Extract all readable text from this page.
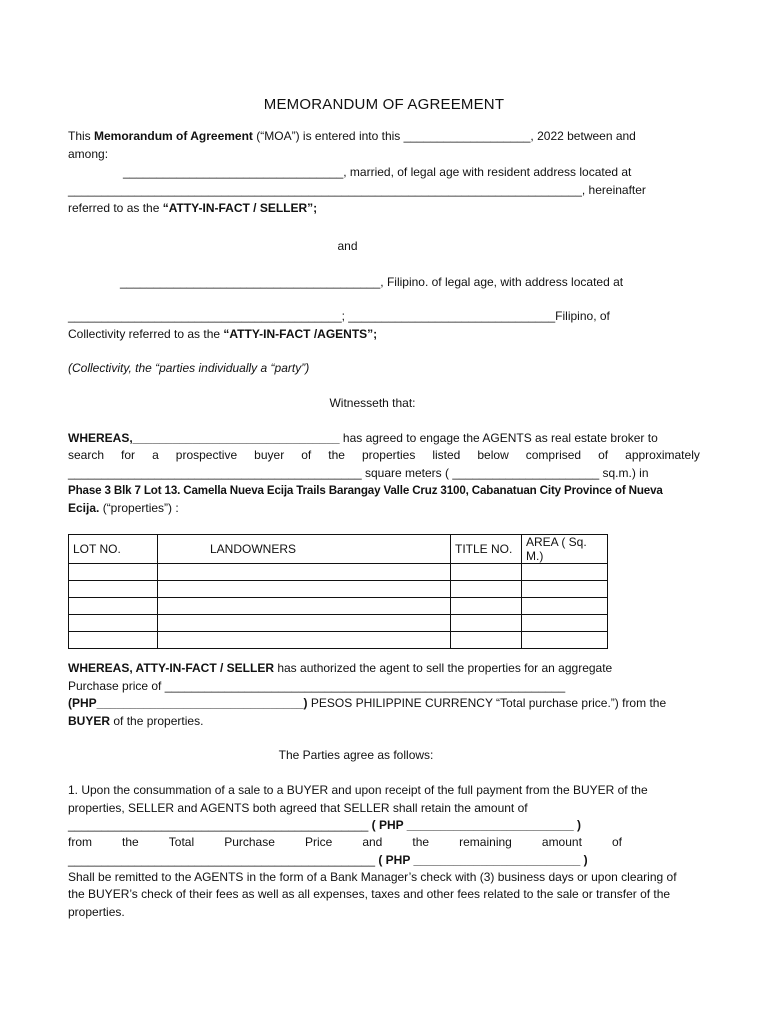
MEMORANDUM OF AGREEMENT
This Memorandum of Agreement (“MOA”) is entered into this ___________________, 2022 between and
among:
_________________________________, married, of legal age with resident address located at
_____________________________________________________________________________, hereinafter
referred to as the “ATTY-IN-FACT / SELLER”;
and
_______________________________________, Filipino. of legal age, with address located at
_________________________________________; _______________________________Filipino, of
Collectivity referred to as the “ATTY-IN-FACT /AGENTS”;
(Collectivity, the “parties individually a “party”)
Witnesseth that:
WHEREAS,_______________________________ has agreed to engage the AGENTS as real estate broker to
search for a prospective buyer of the properties listed below comprised of approximately
____________________________________________ square meters ( ______________________ sq.m.) in
Phase 3 Blk 7 Lot 13. Camella Nueva Ecija Trails Barangay Valle Cruz 3100, Cabanatuan City Province of Nueva
Ecija. (“properties”) :
LOT NO.	LANDOWNERS	TITLE NO.	AREA ( Sq. M.)

WHEREAS, ATTY-IN-FACT / SELLER has authorized the agent to sell the properties for an aggregate
Purchase price of ____________________________________________________________
(PHP_______________________________) PESOS PHILIPPINE CURRENCY “Total purchase price.”) from the
BUYER of the properties.
The Parties agree as follows:
1. Upon the consummation of a sale to a BUYER and upon receipt of the full payment from the BUYER of the
properties, SELLER and AGENTS both agreed that SELLER shall retain the amount of
_____________________________________________ ( PHP _________________________ )
from	the	Total	Purchase	Price	and	the	remaining	amount	of
______________________________________________ ( PHP _________________________ )
Shall be remitted to the AGENTS in the form of a Bank Manager’s check with (3) business days or upon clearing of
the BUYER’s check of their fees as well as all expenses, taxes and other fees related to the sale or transfer of the
properties.
